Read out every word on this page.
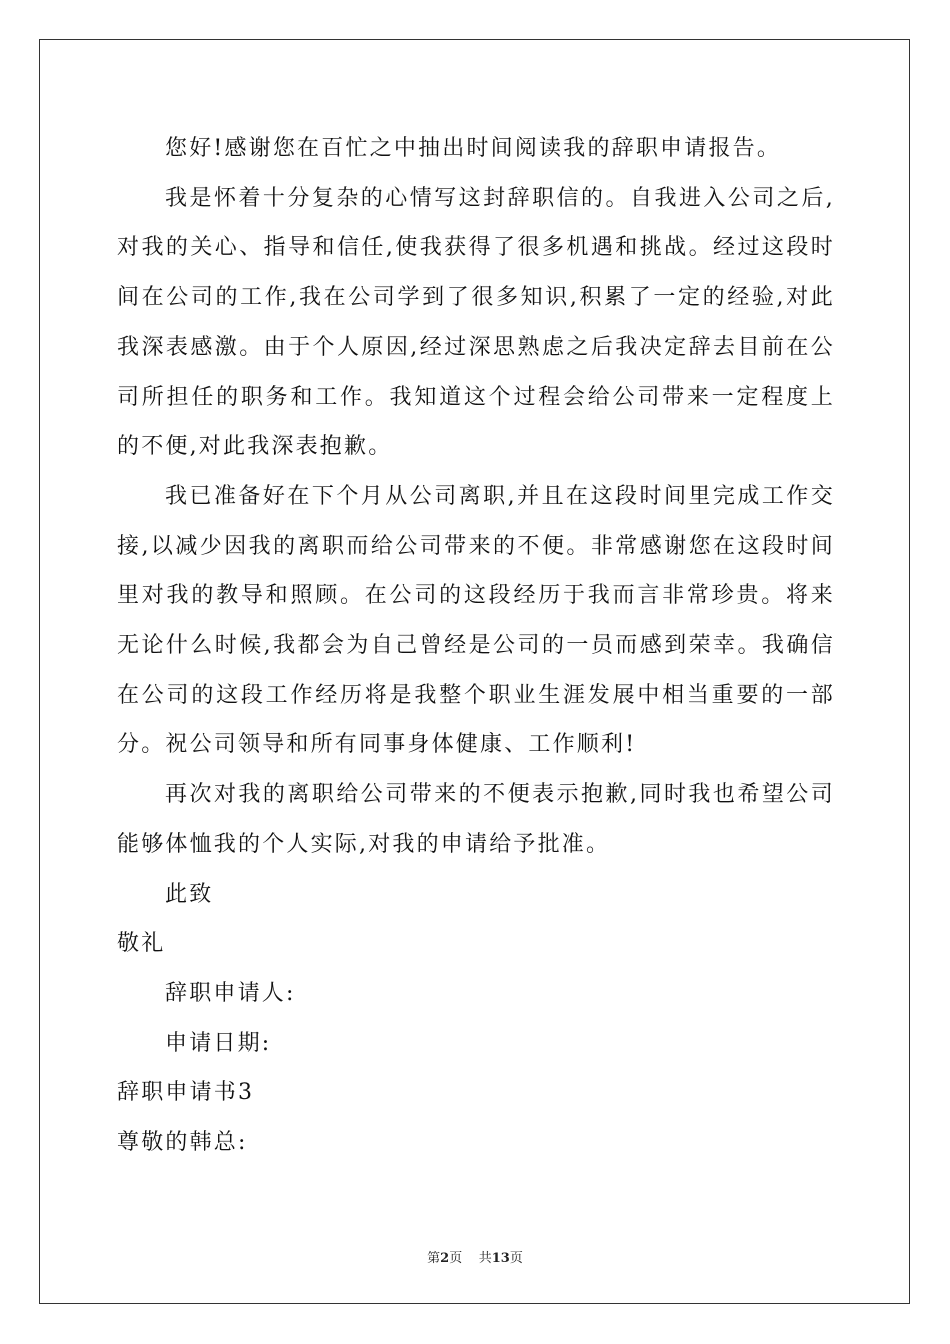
您好!感谢您在百忙之中抽出时间阅读我的辞职申请报告。

我是怀着十分复杂的心情写这封辞职信的。自我进入公司之后,对我的关心、指导和信任,使我获得了很多机遇和挑战。经过这段时间在公司的工作,我在公司学到了很多知识,积累了一定的经验,对此我深表感激。由于个人原因,经过深思熟虑之后我决定辞去目前在公司所担任的职务和工作。我知道这个过程会给公司带来一定程度上的不便,对此我深表抱歉。

我已准备好在下个月从公司离职,并且在这段时间里完成工作交接,以减少因我的离职而给公司带来的不便。非常感谢您在这段时间里对我的教导和照顾。在公司的这段经历于我而言非常珍贵。将来无论什么时候,我都会为自己曾经是公司的一员而感到荣幸。我确信在公司的这段工作经历将是我整个职业生涯发展中相当重要的一部分。祝公司领导和所有同事身体健康、工作顺利!

再次对我的离职给公司带来的不便表示抱歉,同时我也希望公司能够体恤我的个人实际,对我的申请给予批准。

此致

敬礼

辞职申请人:

申请日期:

辞职申请书3

尊敬的韩总:

第2页 共13页
